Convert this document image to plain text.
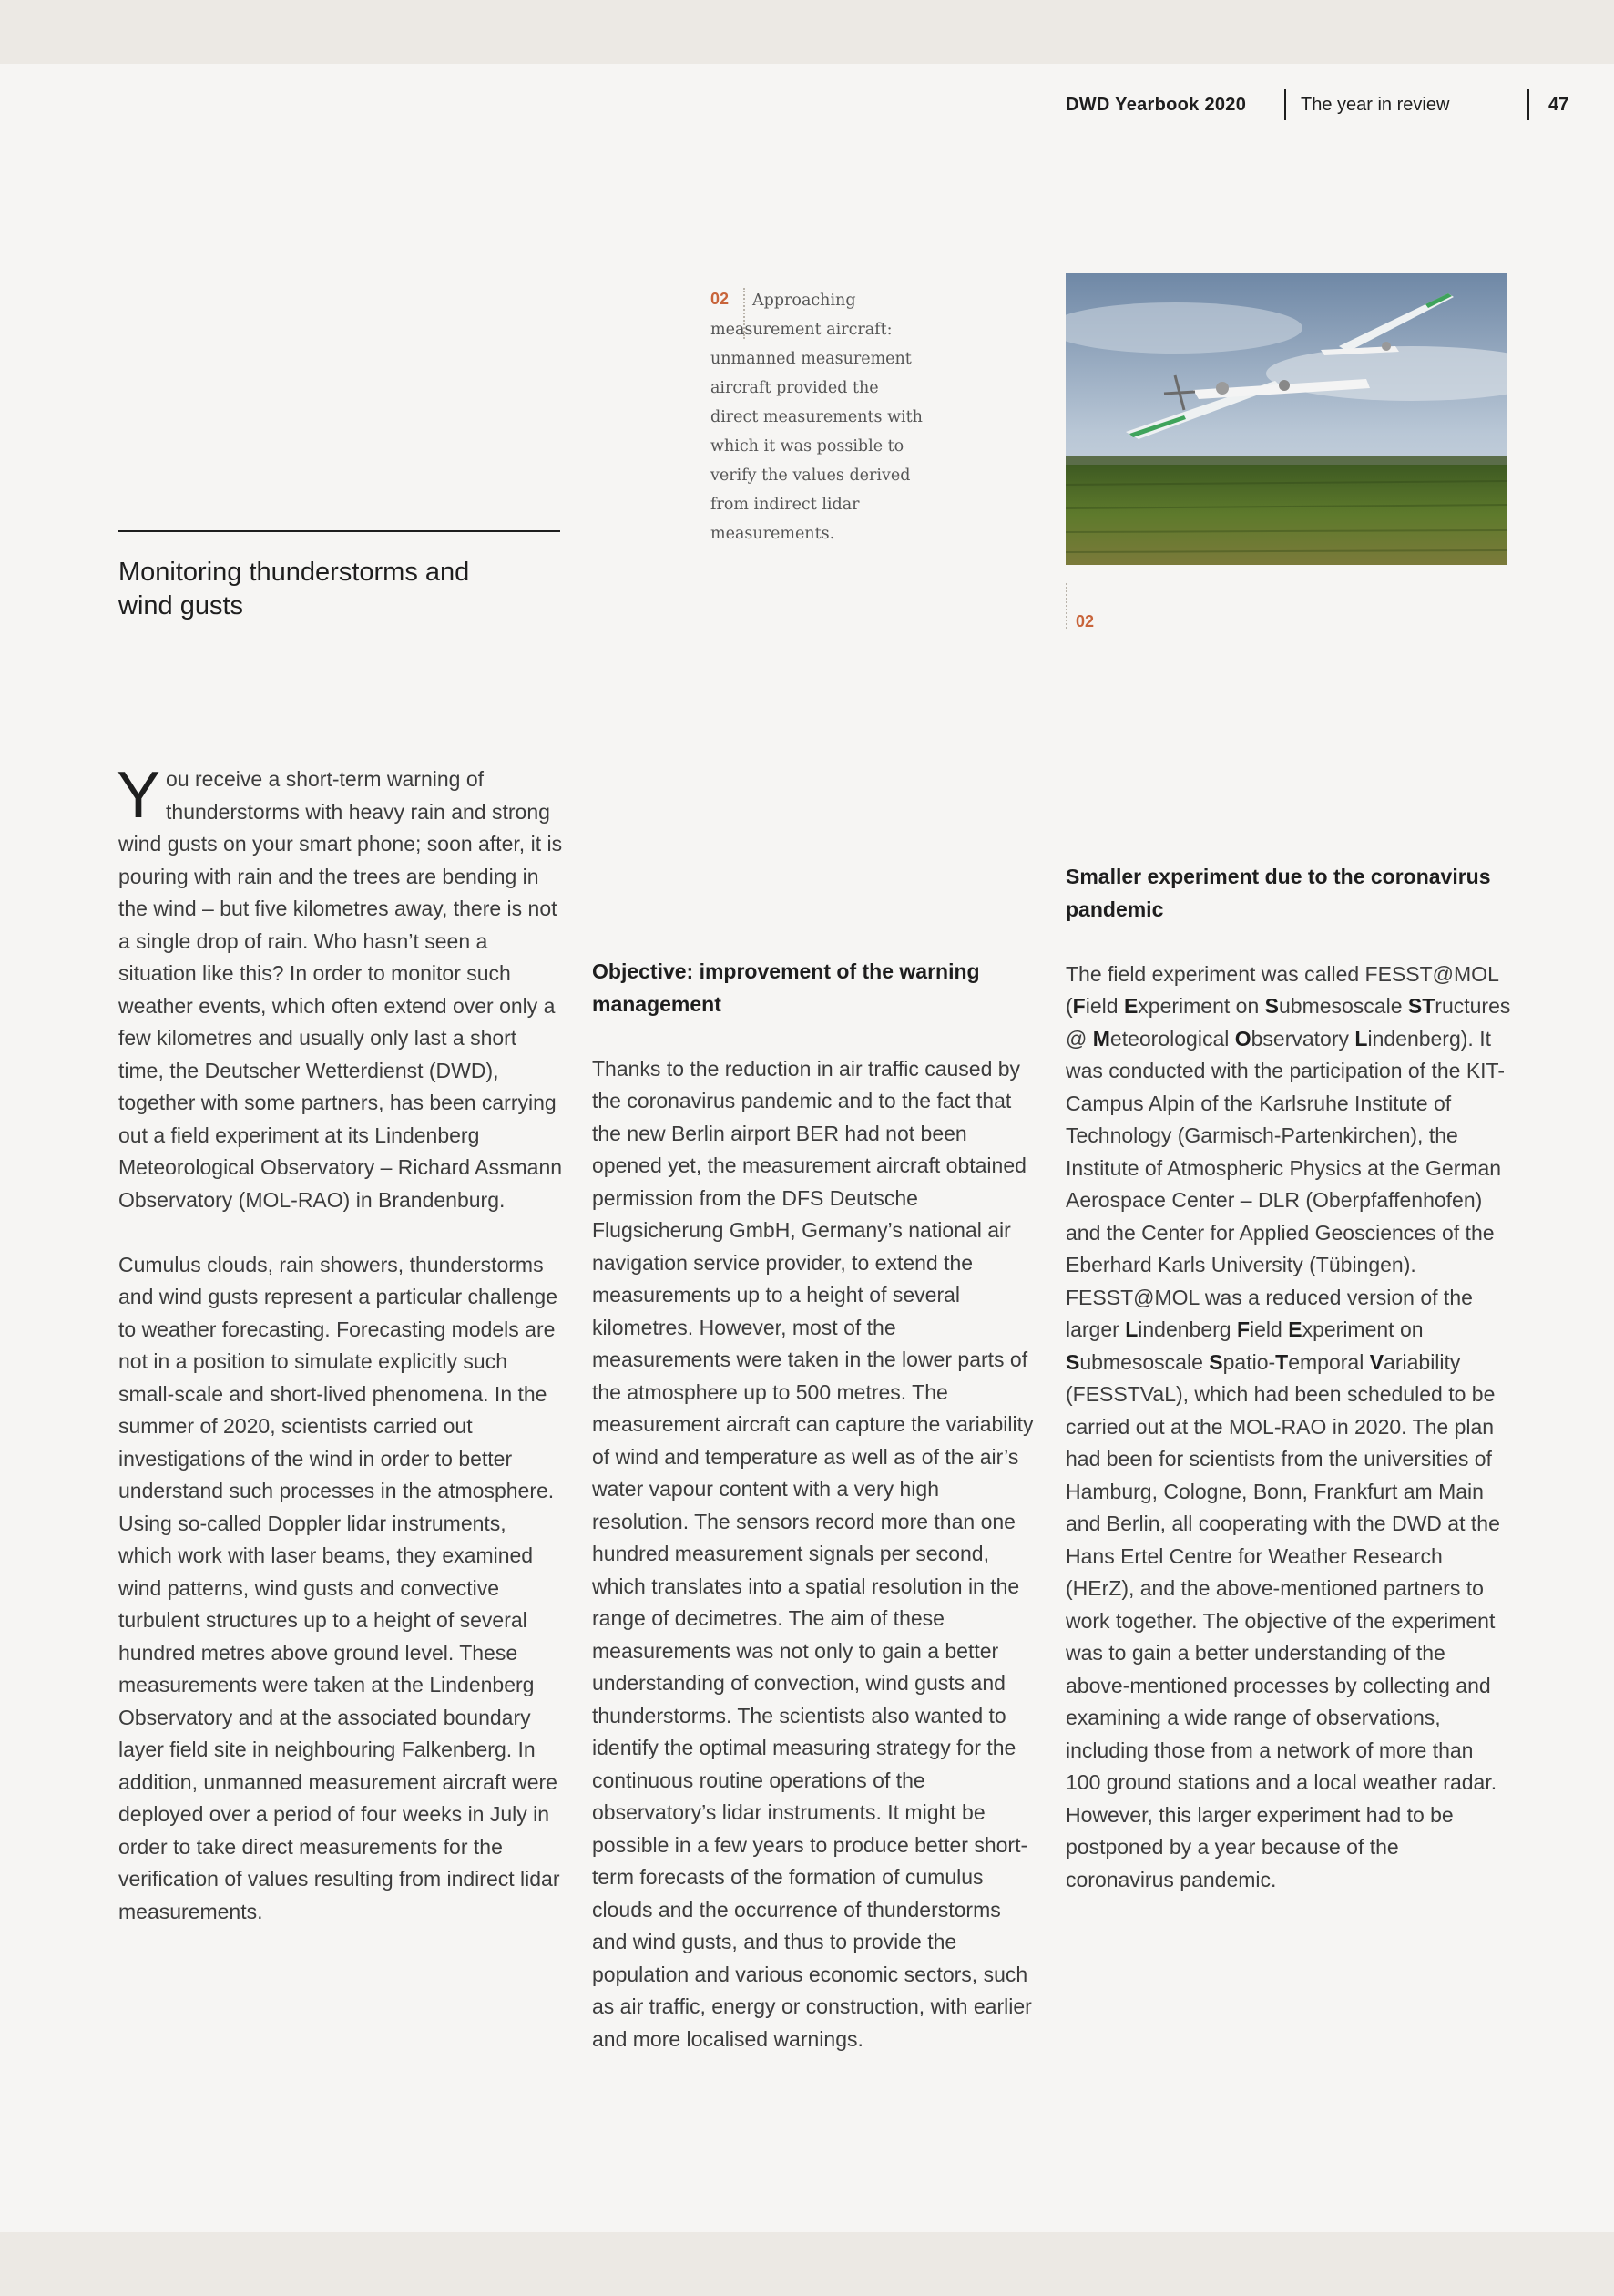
DWD Yearbook 2020	The year in review	47
Monitoring thunderstorms and wind gusts
02	Approaching measurement aircraft: unmanned measurement aircraft provided the direct measurements with which it was possible to verify the values derived from indirect lidar measurements.
02

You receive a short-term warning of thunderstorms with heavy rain and strong wind gusts on your smart phone; soon after, it is pouring with rain and the trees are bending in the wind – but five kilometres away, there is not a single drop of rain. Who hasn’t seen a situation like this? In order to monitor such weather events, which often extend over only a few kilometres and usually only last a short time, the Deutscher Wetterdienst (DWD), together with some partners, has been carrying out a field experiment at its Lindenberg Meteorological Observatory – Richard Assmann Observatory (MOL-RAO) in Brandenburg.

Cumulus clouds, rain showers, thunderstorms and wind gusts represent a particular challenge to weather forecasting. Forecasting models are not in a position to simulate explicitly such small-scale and short-lived phenomena. In the summer of 2020, scientists carried out investigations of the wind in order to better understand such processes in the atmosphere. Using so-called Doppler lidar instruments, which work with laser beams, they examined wind patterns, wind gusts and convective turbulent structures up to a height of several hundred metres above ground level. These measurements were taken at the Lindenberg Observatory and at the associated boundary layer field site in neighbouring Falkenberg. In addition, unmanned measurement aircraft were deployed over a period of four weeks in July in order to take direct measurements for the verification of values resulting from indirect lidar measurements.

Objective: improvement of the warning management

Thanks to the reduction in air traffic caused by the coronavirus pandemic and to the fact that the new Berlin airport BER had not been opened yet, the measurement aircraft obtained permission from the DFS Deutsche Flugsicherung GmbH, Germany’s national air navigation service provider, to extend the measurements up to a height of several kilometres. However, most of the measurements were taken in the lower parts of the atmosphere up to 500 metres. The measurement aircraft can capture the variability of wind and temperature as well as of the air’s water vapour content with a very high resolution. The sensors record more than one hundred measurement signals per second, which translates into a spatial resolution in the range of decimetres. The aim of these measurements was not only to gain a better understanding of convection, wind gusts and thunderstorms. The scientists also wanted to identify the optimal measuring strategy for the continuous routine operations of the observatory’s lidar instruments. It might be possible in a few years to produce better short-term forecasts of the formation of cumulus clouds and the occurrence of thunderstorms and wind gusts, and thus to provide the population and various economic sectors, such as air traffic, energy or construction, with earlier and more localised warnings.

Smaller experiment due to the coronavirus pandemic

The field experiment was called FESST@MOL (Field Experiment on Submesoscale STructures @ Meteorological Observatory Lindenberg). It was conducted with the participation of the KIT-Campus Alpin of the Karlsruhe Institute of Technology (Garmisch-Partenkirchen), the Institute of Atmospheric Physics at the German Aerospace Center – DLR (Oberpfaffenhofen) and the Center for Applied Geosciences of the Eberhard Karls University (Tübingen). FESST@MOL was a reduced version of the larger Lindenberg Field Experiment on Submesoscale Spatio-Temporal Variability (FESSTVaL), which had been scheduled to be carried out at the MOL-RAO in 2020. The plan had been for scientists from the universities of Hamburg, Cologne, Bonn, Frankfurt am Main and Berlin, all cooperating with the DWD at the Hans Ertel Centre for Weather Research (HErZ), and the above-mentioned partners to work together. The objective of the experiment was to gain a better understanding of the above-mentioned processes by collecting and examining a wide range of observations, including those from a network of more than 100 ground stations and a local weather radar. However, this larger experiment had to be postponed by a year because of the coronavirus pandemic.
